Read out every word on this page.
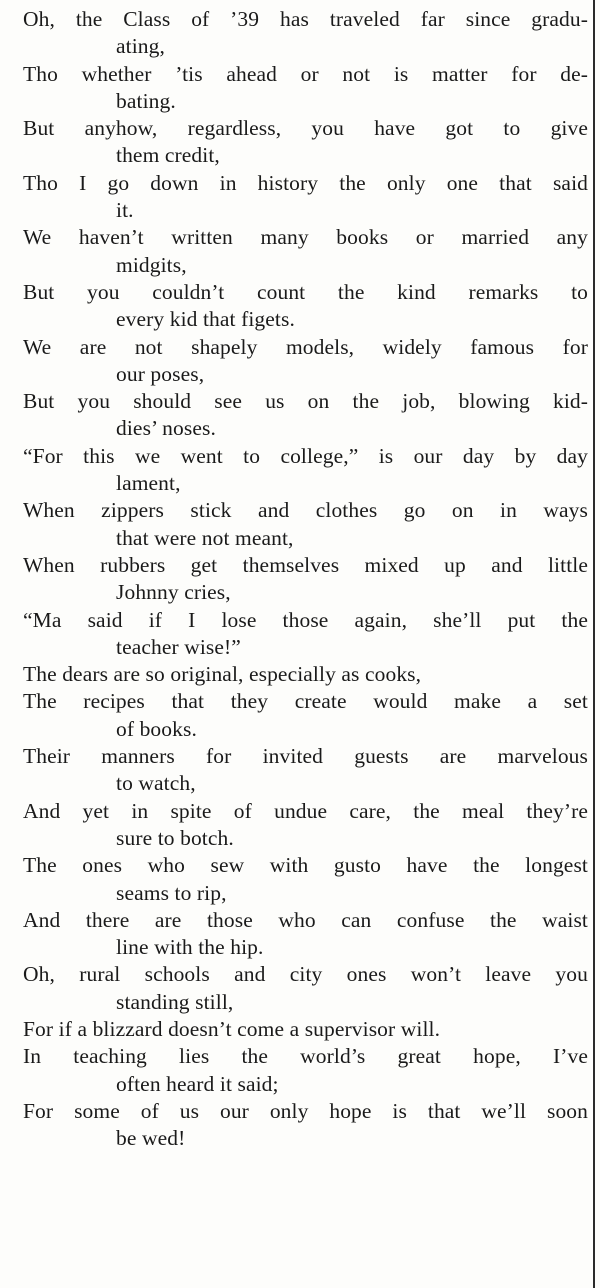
Oh, the Class of ’39 has traveled far since gradu-
ating,

Tho whether ’tis ahead or not is matter for de-
bating.

But anyhow, regardless, you have got to give
them credit,

Tho I go down in history the only one that said
it.

We haven’t written many books or married any
midgits,

But you couldn’t count the kind remarks to
every kid that figets.

We are not shapely models, widely famous for
our poses,

But you should see us on the job, blowing kid-
dies’ noses.

“For this we went to college,” is our day by day
lament,

When zippers stick and clothes go on in ways
that were not meant,

When rubbers get themselves mixed up and little
Johnny cries,

“Ma said if I lose those again, she’ll put the
teacher wise!”

The dears are so original, especially as cooks,

The recipes that they create would make a set
of books.

Their manners for invited guests are marvelous
to watch,

And yet in spite of undue care, the meal they’re
sure to botch.

The ones who sew with gusto have the longest
seams to rip,

And there are those who can confuse the waist
line with the hip.

Oh, rural schools and city ones won’t leave you
standing still,

For if a blizzard doesn’t come a supervisor will.

In teaching lies the world’s great hope, I’ve
often heard it said;

For some of us our only hope is that we’ll soon
be wed!
